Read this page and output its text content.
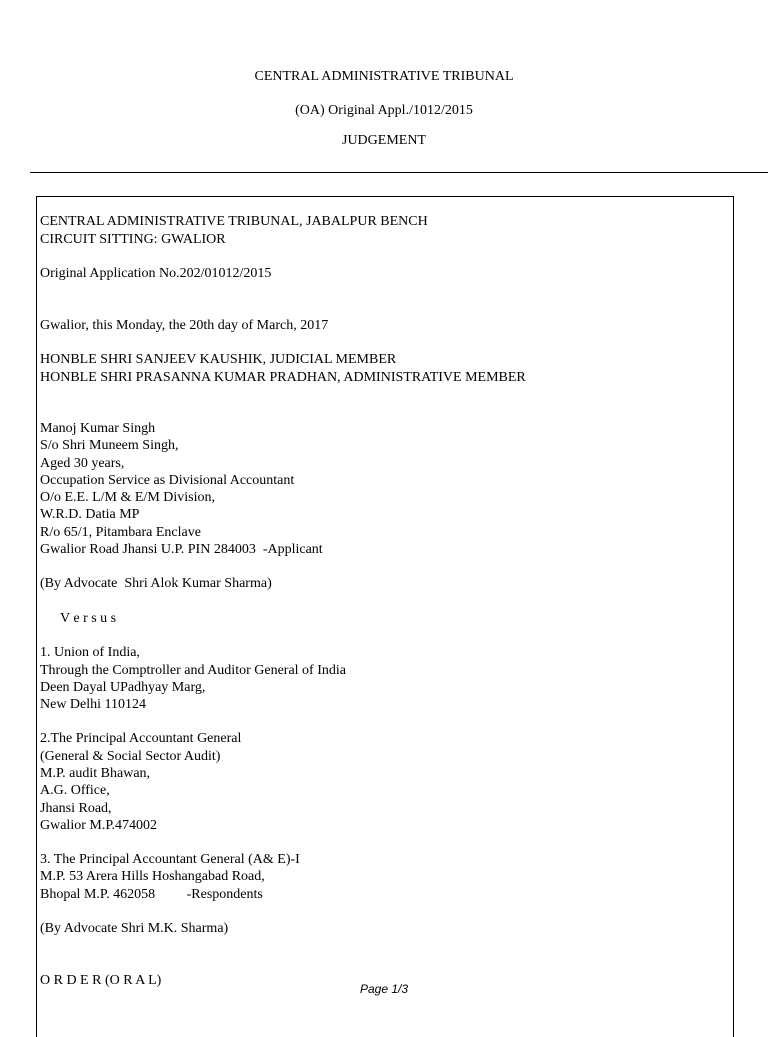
CENTRAL ADMINISTRATIVE TRIBUNAL
(OA) Original Appl./1012/2015
JUDGEMENT
CENTRAL ADMINISTRATIVE TRIBUNAL, JABALPUR BENCH
CIRCUIT SITTING: GWALIOR
Original Application No.202/01012/2015
Gwalior, this Monday, the 20th day of March, 2017
HONBLE SHRI SANJEEV KAUSHIK, JUDICIAL MEMBER
HONBLE SHRI PRASANNA KUMAR PRADHAN, ADMINISTRATIVE MEMBER
Manoj Kumar Singh
S/o Shri Muneem Singh,
Aged 30 years,
Occupation Service as Divisional Accountant
O/o E.E. L/M & E/M Division,
W.R.D. Datia MP
R/o 65/1, Pitambara Enclave
Gwalior Road Jhansi U.P. PIN 284003  -Applicant
(By Advocate  Shri Alok Kumar Sharma)
V e r s u s
1. Union of India,
Through the Comptroller and Auditor General of India
Deen Dayal UPadhyay Marg,
New Delhi 110124
2.The Principal Accountant General
(General & Social Sector Audit)
M.P. audit Bhawan,
A.G. Office,
Jhansi Road,
Gwalior M.P.474002
3. The Principal Accountant General (A& E)-I
M.P. 53 Arera Hills Hoshangabad Road,
Bhopal M.P. 462058         -Respondents
(By Advocate Shri M.K. Sharma)
O R D E R (O R A L)
Page 1/3
